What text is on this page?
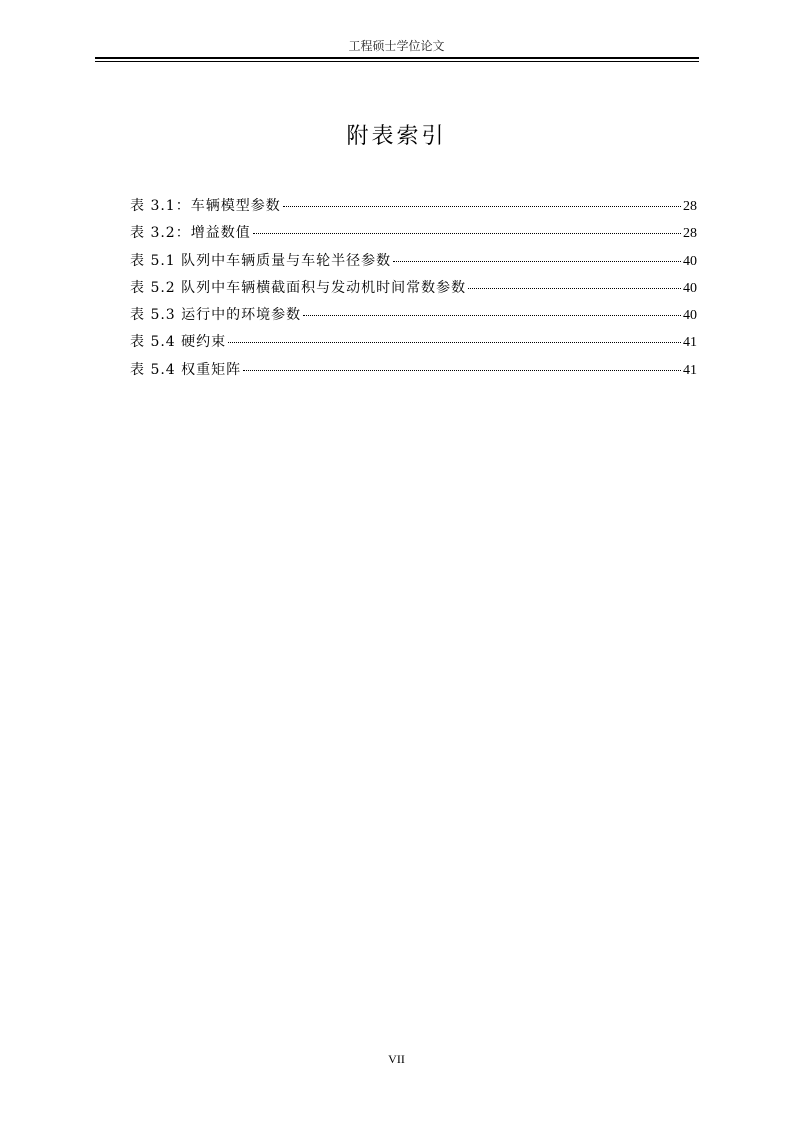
工程硕士学位论文
附表索引
表 3.1：车辆模型参数	28
表 3.2：增益数值	28
表 5.1 队列中车辆质量与车轮半径参数	40
表 5.2 队列中车辆横截面积与发动机时间常数参数	40
表 5.3 运行中的环境参数	40
表 5.4 硬约束	41
表 5.4 权重矩阵	41
VII
